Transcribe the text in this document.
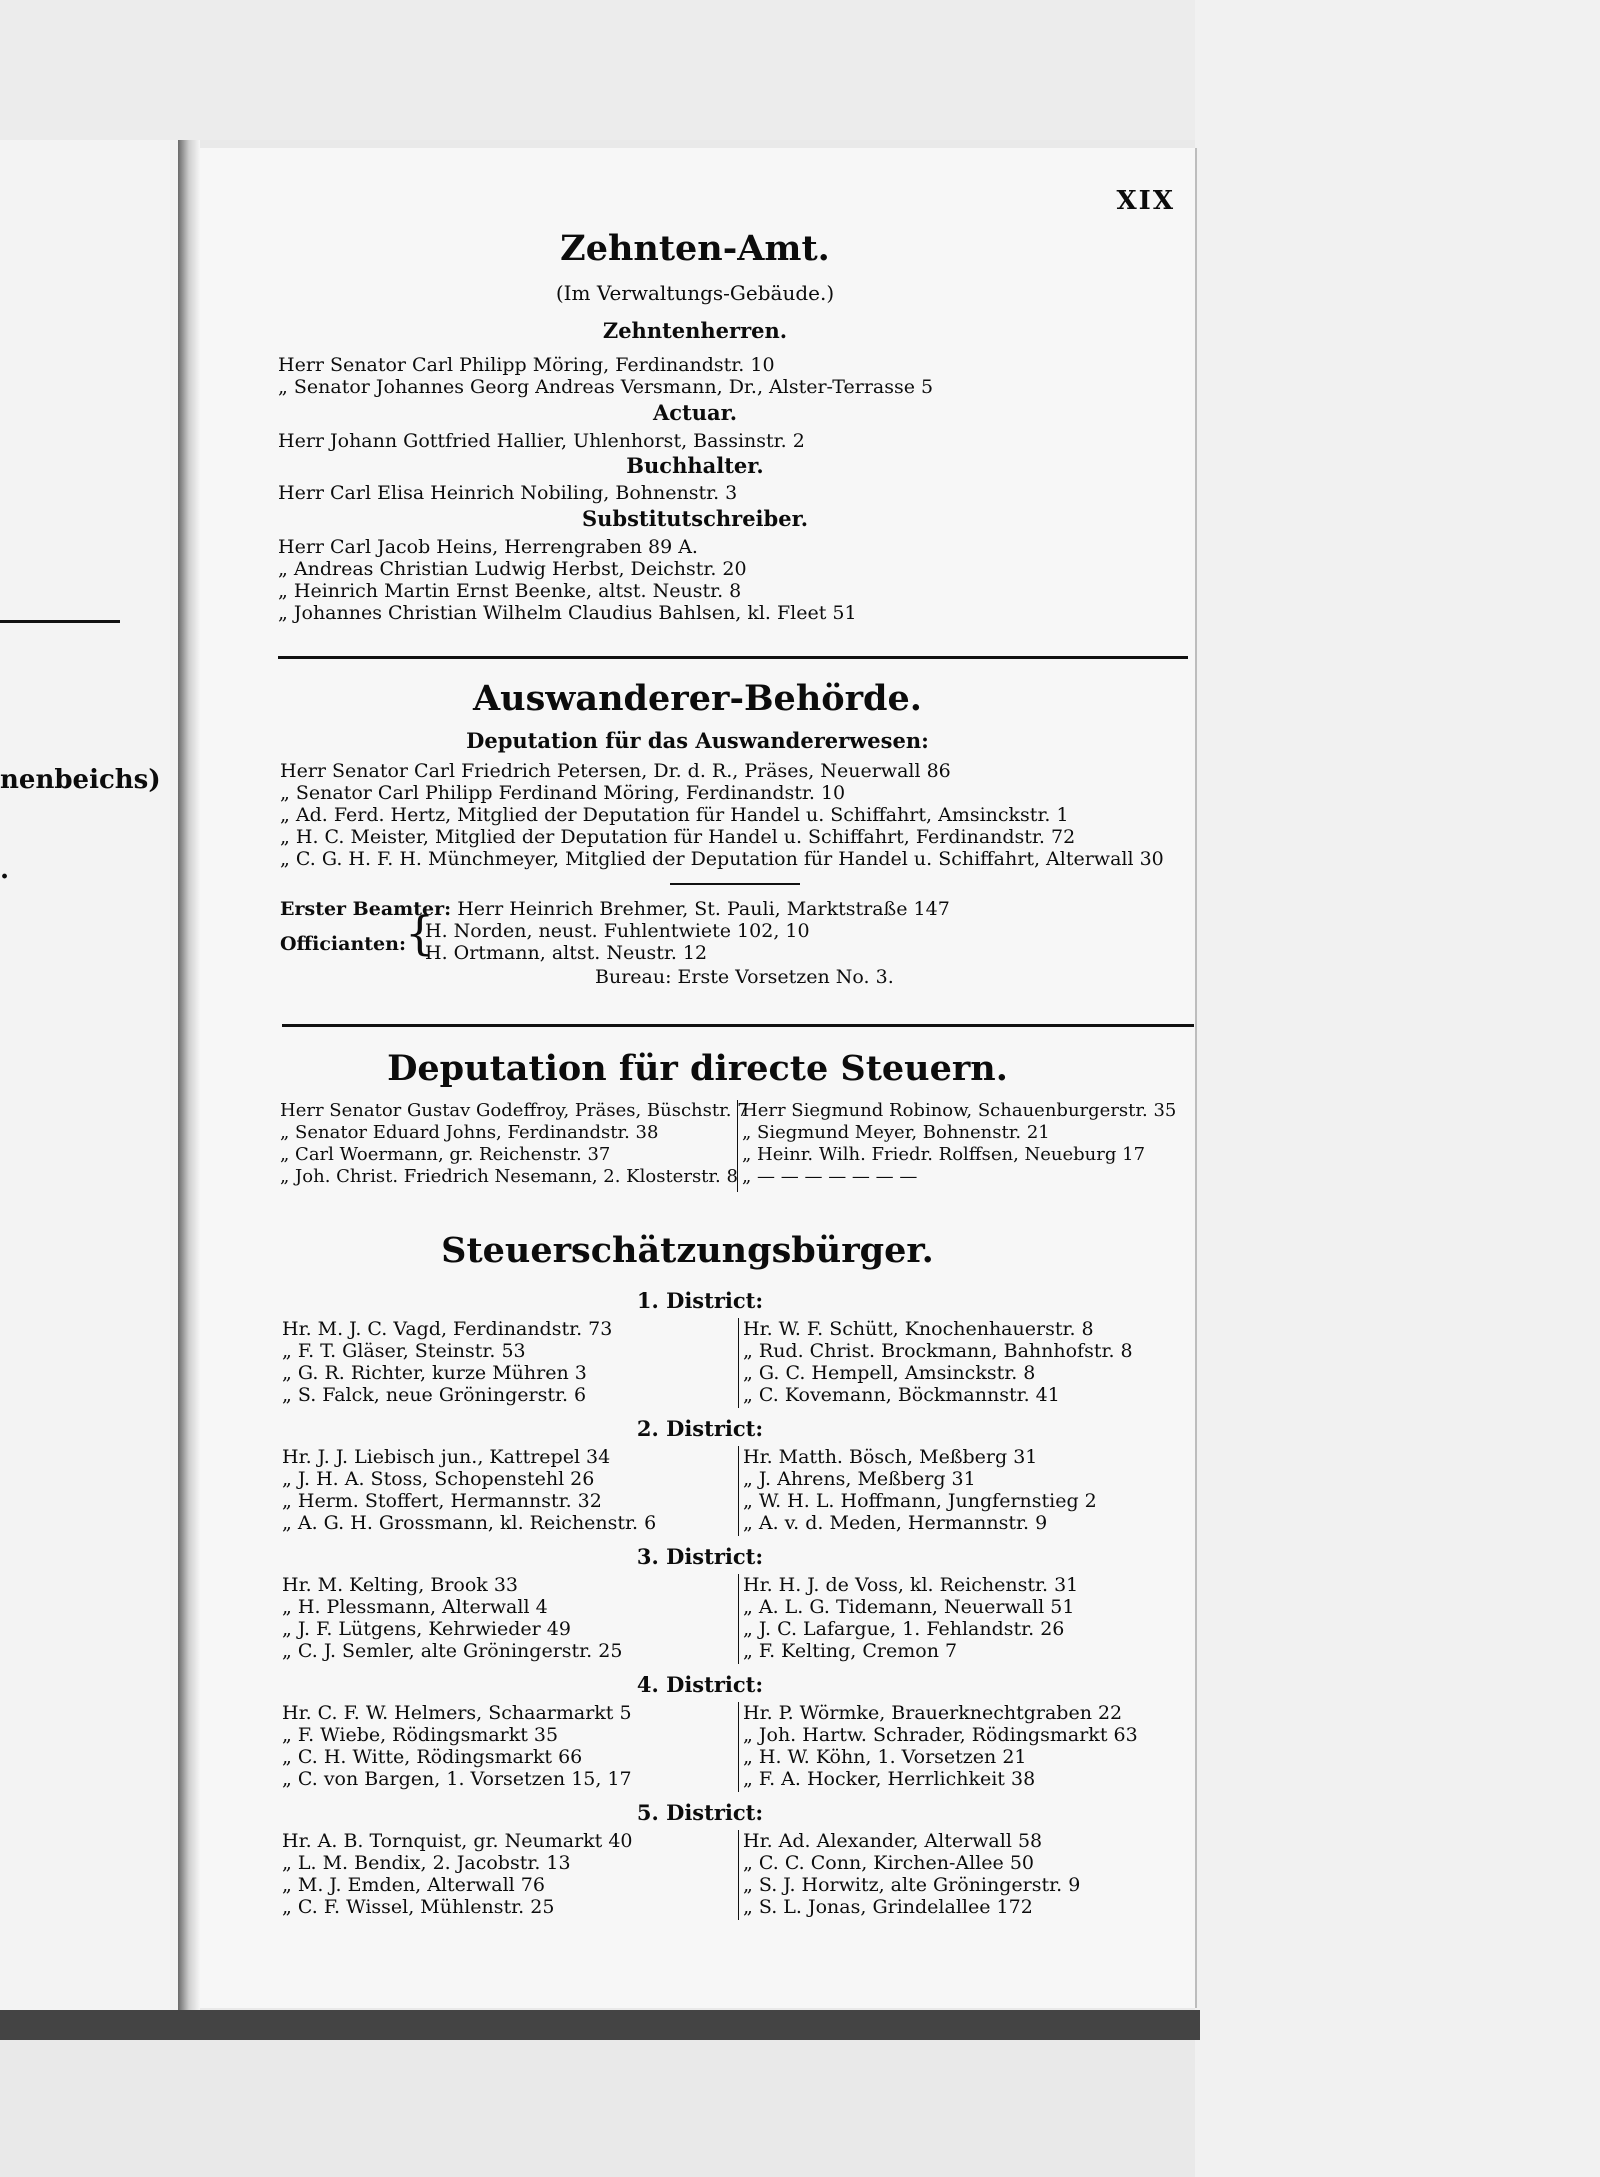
nenbeichs)
.
XIX
Zehnten-Amt.
(Im Verwaltungs-Gebäude.)
Zehntenherren.
Herr Senator Carl Philipp Möring, Ferdinandstr. 10
„ Senator Johannes Georg Andreas Versmann, Dr., Alster-Terrasse 5
Actuar.
Herr Johann Gottfried Hallier, Uhlenhorst, Bassinstr. 2
Buchhalter.
Herr Carl Elisa Heinrich Nobiling, Bohnenstr. 3
Substitutschreiber.
Herr Carl Jacob Heins, Herrengraben 89 A.
„ Andreas Christian Ludwig Herbst, Deichstr. 20
„ Heinrich Martin Ernst Beenke, altst. Neustr. 8
„ Johannes Christian Wilhelm Claudius Bahlsen, kl. Fleet 51
Auswanderer-Behörde.
Deputation für das Auswandererwesen:
Herr Senator Carl Friedrich Petersen, Dr. d. R., Präses, Neuerwall 86
„ Senator Carl Philipp Ferdinand Möring, Ferdinandstr. 10
„ Ad. Ferd. Hertz, Mitglied der Deputation für Handel u. Schiffahrt, Amsinckstr. 1
„ H. C. Meister, Mitglied der Deputation für Handel u. Schiffahrt, Ferdinandstr. 72
„ C. G. H. F. H. Münchmeyer, Mitglied der Deputation für Handel u. Schiffahrt, Alterwall 30
Erster Beamter: Herr Heinrich Brehmer, St. Pauli, Marktstraße 147
Officianten: {
H. Norden, neust. Fuhlentwiete 102, 10
H. Ortmann, altst. Neustr. 12
Bureau: Erste Vorsetzen No. 3.
Deputation für directe Steuern.
Herr Senator Gustav Godeffroy, Präses, Büschstr. 7
„ Senator Eduard Johns, Ferdinandstr. 38
„ Carl Woermann, gr. Reichenstr. 37
„ Joh. Christ. Friedrich Nesemann, 2. Klosterstr. 8
Herr Siegmund Robinow, Schauenburgerstr. 35
„ Siegmund Meyer, Bohnenstr. 21
„ Heinr. Wilh. Friedr. Rolffsen, Neueburg 17
„ — — — — — — —
Steuerschätzungsbürger.
1. District:
Hr. M. J. C. Vagd, Ferdinandstr. 73
„ F. T. Gläser, Steinstr. 53
„ G. R. Richter, kurze Mühren 3
„ S. Falck, neue Gröningerstr. 6
Hr. W. F. Schütt, Knochenhauerstr. 8
„ Rud. Christ. Brockmann, Bahnhofstr. 8
„ G. C. Hempell, Amsinckstr. 8
„ C. Kovemann, Böckmannstr. 41
2. District:
Hr. J. J. Liebisch jun., Kattrepel 34
„ J. H. A. Stoss, Schopenstehl 26
„ Herm. Stoffert, Hermannstr. 32
„ A. G. H. Grossmann, kl. Reichenstr. 6
Hr. Matth. Bösch, Meßberg 31
„ J. Ahrens, Meßberg 31
„ W. H. L. Hoffmann, Jungfernstieg 2
„ A. v. d. Meden, Hermannstr. 9
3. District:
Hr. M. Kelting, Brook 33
„ H. Plessmann, Alterwall 4
„ J. F. Lütgens, Kehrwieder 49
„ C. J. Semler, alte Gröningerstr. 25
Hr. H. J. de Voss, kl. Reichenstr. 31
„ A. L. G. Tidemann, Neuerwall 51
„ J. C. Lafargue, 1. Fehlandstr. 26
„ F. Kelting, Cremon 7
4. District:
Hr. C. F. W. Helmers, Schaarmarkt 5
„ F. Wiebe, Rödingsmarkt 35
„ C. H. Witte, Rödingsmarkt 66
„ C. von Bargen, 1. Vorsetzen 15, 17
Hr. P. Wörmke, Brauerknechtgraben 22
„ Joh. Hartw. Schrader, Rödingsmarkt 63
„ H. W. Köhn, 1. Vorsetzen 21
„ F. A. Hocker, Herrlichkeit 38
5. District:
Hr. A. B. Tornquist, gr. Neumarkt 40
„ L. M. Bendix, 2. Jacobstr. 13
„ M. J. Emden, Alterwall 76
„ C. F. Wissel, Mühlenstr. 25
Hr. Ad. Alexander, Alterwall 58
„ C. C. Conn, Kirchen-Allee 50
„ S. J. Horwitz, alte Gröningerstr. 9
„ S. L. Jonas, Grindelallee 172
